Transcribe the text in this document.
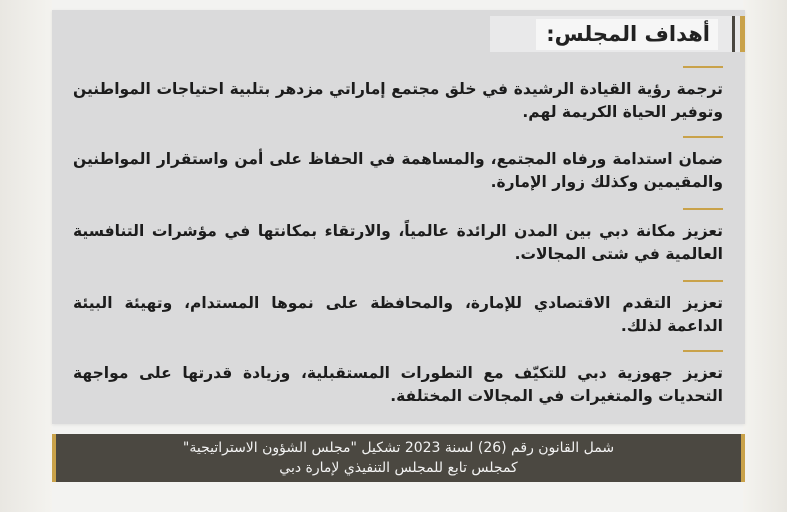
أهداف المجلس:
ترجمة رؤية القيادة الرشيدة في خلق مجتمع إماراتي مزدهر بتلبية احتياجات المواطنين وتوفير الحياة الكريمة لهم.
ضمان استدامة ورفاه المجتمع، والمساهمة في الحفاظ على أمن واستقرار المواطنين والمقيمين وكذلك زوار الإمارة.
تعزيز مكانة دبي بين المدن الرائدة عالمياً، والارتقاء بمكانتها في مؤشرات التنافسية العالمية في شتى المجالات.
تعزيز التقدم الاقتصادي للإمارة، والمحافظة على نموها المستدام، وتهيئة البيئة الداعمة لذلك.
تعزيز جهوزية دبي للتكيّف مع التطورات المستقبلية، وزيادة قدرتها على مواجهة التحديات والمتغيرات في المجالات المختلفة.
شمل القانون رقم (26) لسنة 2023 تشكيل "مجلس الشؤون الاستراتيجية"
كمجلس تابع للمجلس التنفيذي لإمارة دبي
